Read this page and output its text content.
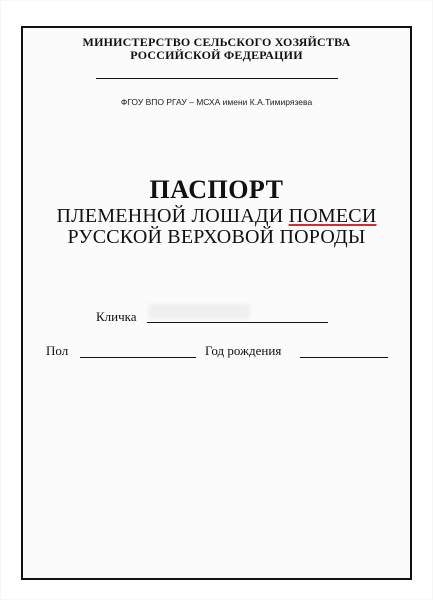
МИНИСТЕРСТВО СЕЛЬСКОГО ХОЗЯЙСТВА
РОССИЙСКОЙ ФЕДЕРАЦИИ
ФГОУ ВПО РГАУ – МСХА имени К.А.Тимирязева
ПАСПОРТ
ПЛЕМЕННОЙ ЛОШАДИ ПОМЕСИ
РУССКОЙ ВЕРХОВОЙ ПОРОДЫ
Кличка
Пол	Год рождения
